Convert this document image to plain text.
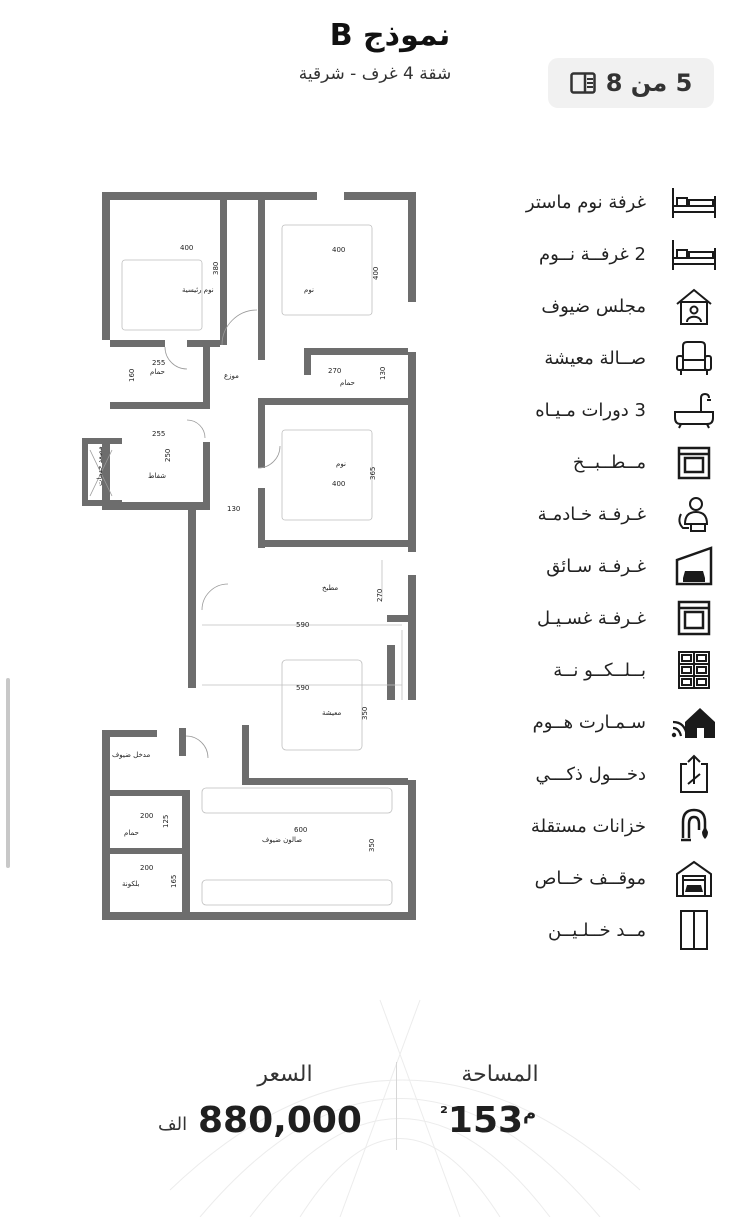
نموذج B
شقة 4 غرف - شرقية	5 من 8
400
380
400
400
255
160	270	130
255
250
400
365
130
270
590
590
350
200 125
600
350
200
165
نوم رئيسية	نوم
موزع
حمام
حمام
شفاط
مصعد خدمات	نوم
مطبخ
معيشة
مدخل ضيوف
حمام
صالون ضيوف
بلكونة
غرفة نوم ماستر
2 غرفــة نــوم
مجلس ضيوف
صــالة معيشة
3 دورات مـيـاه
مــطــبــخ
غـرفـة خـادمـة
غـرفـة سـائق
غـرفـة غسـيـل
بــلــكــو نــة
سـمـارت هــوم
دخـــول ذكـــي
خزانات مستقلة
موقــف خــاص
مــد خــلـيــن
المساحة
السعر
$^{م^2}$153
880,000
الف
